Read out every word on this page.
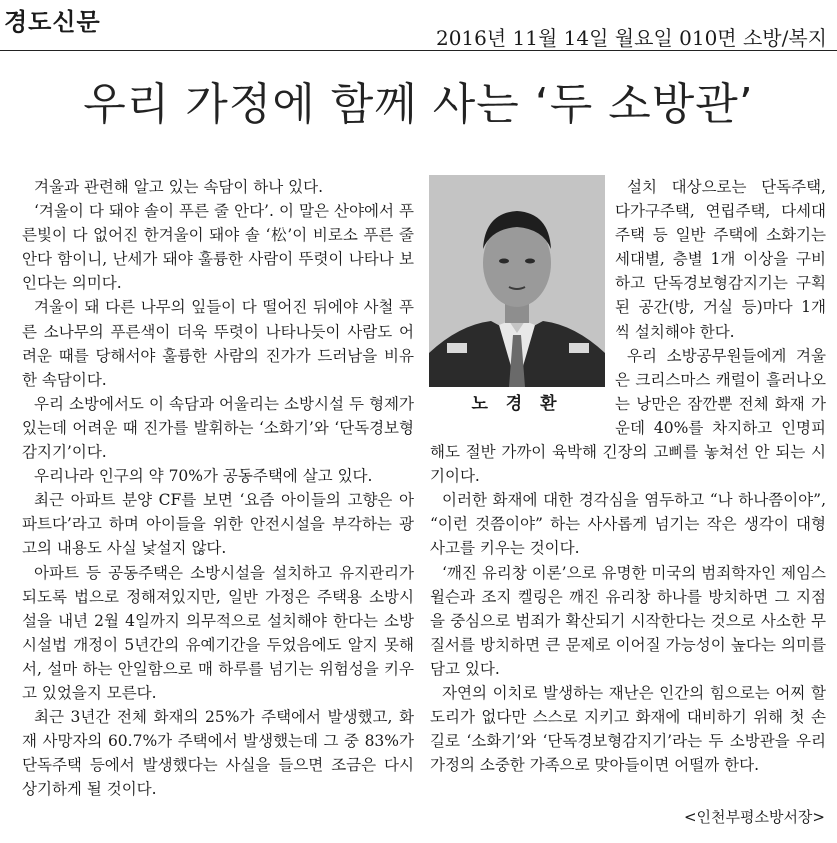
경도신문
2016년 11월 14일 월요일 010면 소방/복지
우리 가정에 함께 사는 ‘두 소방관’

겨울과 관련해 알고 있는 속담이 하나 있다.

‘겨울이 다 돼야 솔이 푸른 줄 안다’. 이 말은 산야에서 푸른빛이 다 없어진 한겨울이 돼야 솔 ‘松’이 비로소 푸른 줄 안다 함이니, 난세가 돼야 훌륭한 사람이 뚜렷이 나타나 보인다는 의미다.

겨울이 돼 다른 나무의 잎들이 다 떨어진 뒤에야 사철 푸른 소나무의 푸른색이 더욱 뚜렷이 나타나듯이 사람도 어려운 때를 당해서야 훌륭한 사람의 진가가 드러남을 비유한 속담이다.

우리 소방에서도 이 속담과 어울리는 소방시설 두 형제가 있는데 어려운 때 진가를 발휘하는 ‘소화기’와 ‘단독경보형감지기’이다.

우리나라 인구의 약 70%가 공동주택에 살고 있다.

최근 아파트 분양 CF를 보면 ‘요즘 아이들의 고향은 아파트다’라고 하며 아이들을 위한 안전시설을 부각하는 광고의 내용도 사실 낯설지 않다.

아파트 등 공동주택은 소방시설을 설치하고 유지관리가 되도록 법으로 정해져있지만, 일반 가정은 주택용 소방시설을 내년 2월 4일까지 의무적으로 설치해야 한다는 소방 시설법 개정이 5년간의 유예기간을 두었음에도 알지 못해서, 설마 하는 안일함으로 매 하루를 넘기는 위험성을 키우고 있었을지 모른다.

최근 3년간 전체 화재의 25%가 주택에서 발생했고, 화재 사망자의 60.7%가 주택에서 발생했는데 그 중 83%가 단독주택 등에서 발생했다는 사실을 들으면 조금은 다시 상기하게 될 것이다.

노 경 환

설치 대상으로는 단독주택, 다가구주택, 연립주택, 다세대주택 등 일반 주택에 소화기는 세대별, 층별 1개 이상을 구비하고 단독경보형감지기는 구획된 공간(방, 거실 등)마다 1개씩 설치해야 한다.

우리 소방공무원들에게 겨울은 크리스마스 캐럴이 흘러나오는 낭만은 잠깐뿐 전체 화재 가운데 40%를 차지하고 인명피해도 절반 가까이 육박해 긴장의 고삐를 놓쳐선 안 되는 시기이다.

이러한 화재에 대한 경각심을 염두하고 “나 하나쯤이야”, “이런 것쯤이야” 하는 사사롭게 넘기는 작은 생각이 대형 사고를 키우는 것이다.

‘깨진 유리창 이론’으로 유명한 미국의 범죄학자인 제임스 윌슨과 조지 켈링은 깨진 유리창 하나를 방치하면 그 지점을 중심으로 범죄가 확산되기 시작한다는 것으로 사소한 무질서를 방치하면 큰 문제로 이어질 가능성이 높다는 의미를 담고 있다.

자연의 이치로 발생하는 재난은 인간의 힘으로는 어찌 할 도리가 없다만 스스로 지키고 화재에 대비하기 위해 첫 손길로 ‘소화기’와 ‘단독경보형감지기’라는 두 소방관을 우리 가정의 소중한 가족으로 맞아들이면 어떨까 한다.

<인천부평소방서장>
